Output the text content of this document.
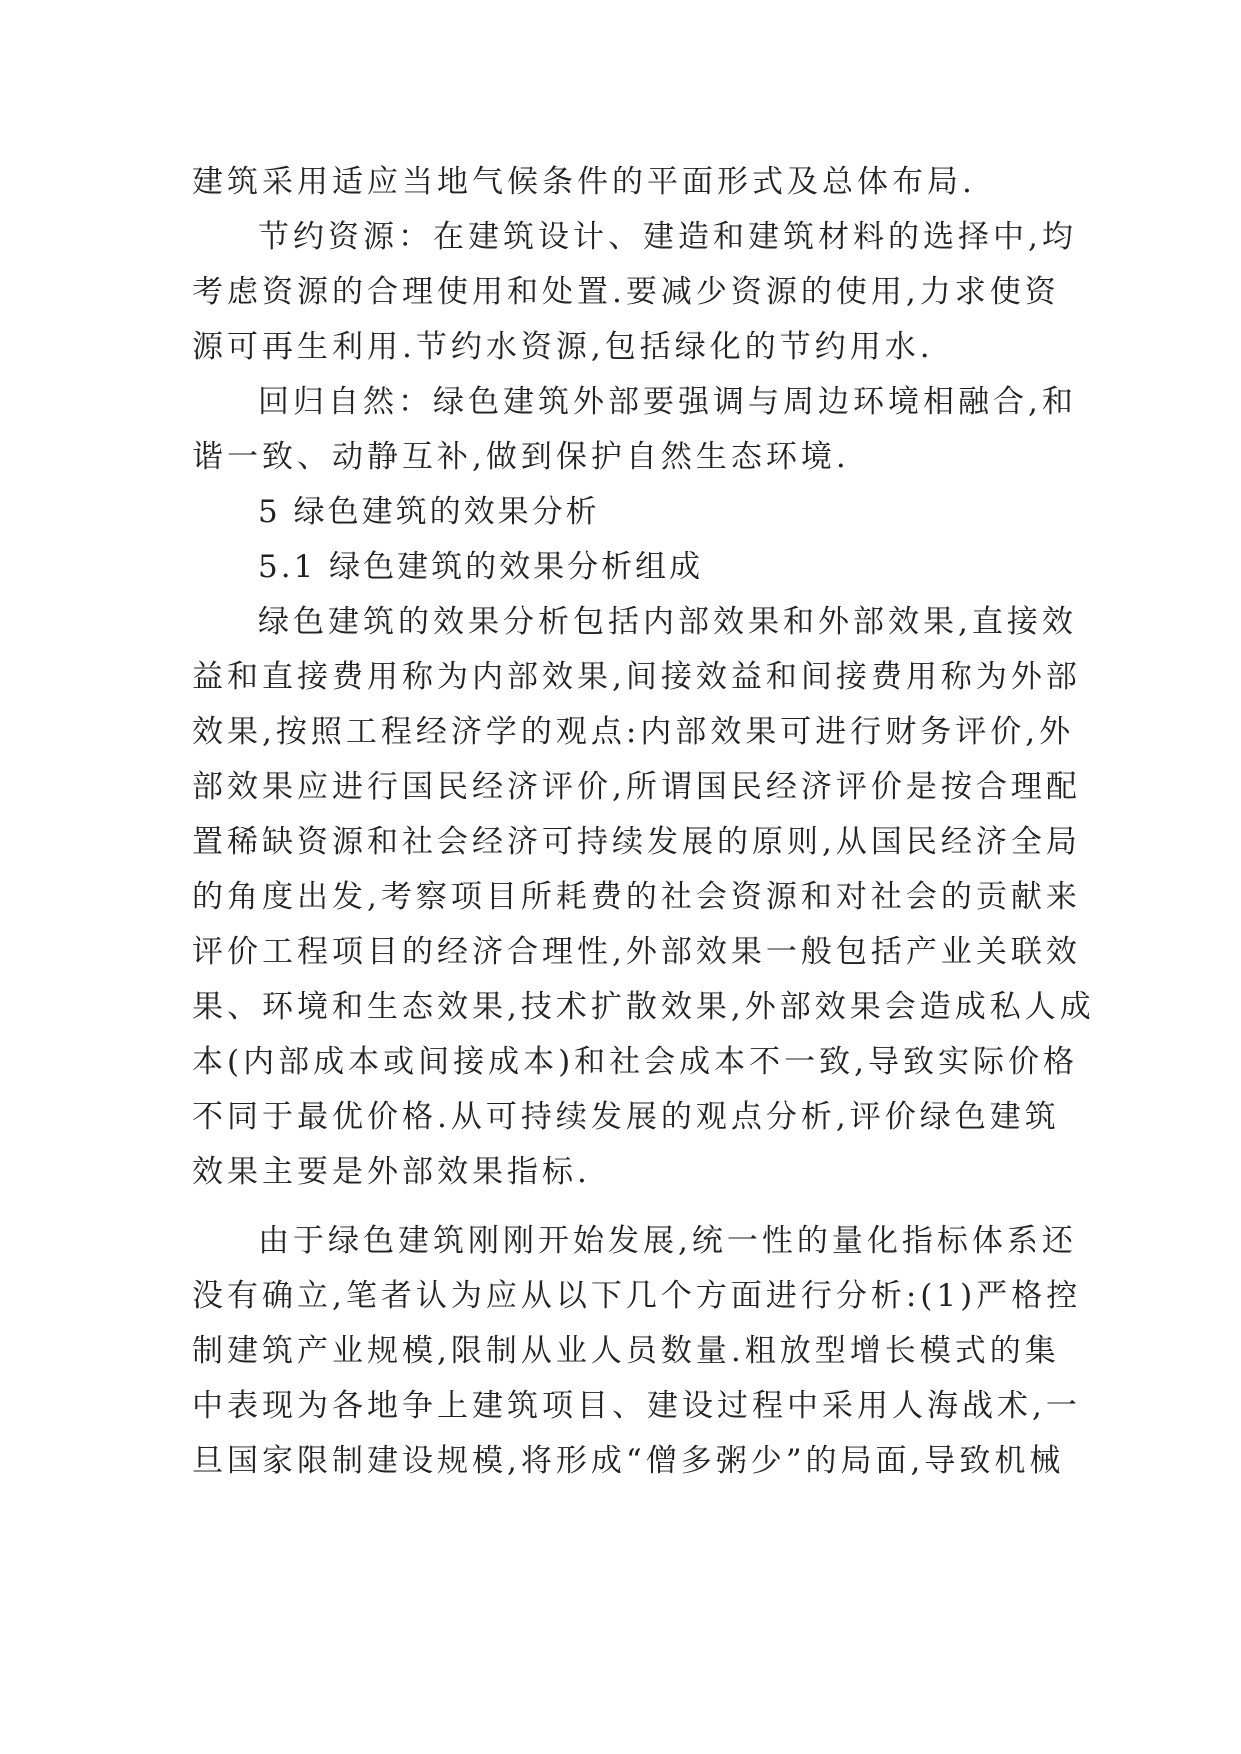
建筑采用适应当地气候条件的平面形式及总体布局.
节约资源：在建筑设计、建造和建筑材料的选择中,均
考虑资源的合理使用和处置.要减少资源的使用,力求使资
源可再生利用.节约水资源,包括绿化的节约用水.
回归自然：绿色建筑外部要强调与周边环境相融合,和
谐一致、动静互补,做到保护自然生态环境.
5 绿色建筑的效果分析
5.1 绿色建筑的效果分析组成
绿色建筑的效果分析包括内部效果和外部效果,直接效
益和直接费用称为内部效果,间接效益和间接费用称为外部
效果,按照工程经济学的观点:内部效果可进行财务评价,外
部效果应进行国民经济评价,所谓国民经济评价是按合理配
置稀缺资源和社会经济可持续发展的原则,从国民经济全局
的角度出发,考察项目所耗费的社会资源和对社会的贡献来
评价工程项目的经济合理性,外部效果一般包括产业关联效
果、环境和生态效果,技术扩散效果,外部效果会造成私人成
本(内部成本或间接成本)和社会成本不一致,导致实际价格
不同于最优价格.从可持续发展的观点分析,评价绿色建筑
效果主要是外部效果指标.
由于绿色建筑刚刚开始发展,统一性的量化指标体系还
没有确立,笔者认为应从以下几个方面进行分析:(1)严格控
制建筑产业规模,限制从业人员数量.粗放型增长模式的集
中表现为各地争上建筑项目、建设过程中采用人海战术,一
旦国家限制建设规模,将形成“僧多粥少”的局面,导致机械
